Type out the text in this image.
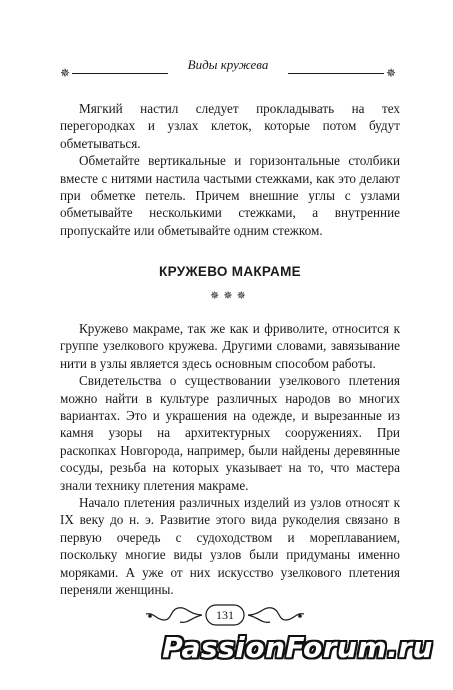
✵
Виды кружева
✵

Мягкий настил следует прокладывать на тех перегородках и узлах клеток, которые потом будут обметываться.

Обметайте вертикальные и горизонтальные столбики вместе с нитями настила частыми стежками, как это делают при обметке петель. Причем внешние углы с узлами обметывайте несколькими стежками, а внутренние пропускайте или обметывайте одним стежком.

КРУЖЕВО МАКРАМЕ
✵✵✵

Кружево макраме, так же как и фриволите, относится к группе узелкового кружева. Другими словами, завязывание нити в узлы является здесь основным способом работы.

Свидетельства о существовании узелкового плетения можно найти в культуре различных народов во многих вариантах. Это и украшения на одежде, и вырезанные из камня узоры на архитектурных сооружениях. При раскопках Новгорода, например, были найдены деревянные сосуды, резьба на которых указывает на то, что мастера знали технику плетения макраме.

Начало плетения различных изделий из узлов относят к IX веку до н. э. Развитие этого вида рукоделия связано в первую очередь с судоходством и мореплаванием, поскольку многие виды узлов были придуманы именно моряками. А уже от них искусство узелкового плетения переняли женщины.

131
PassionForum.ru
